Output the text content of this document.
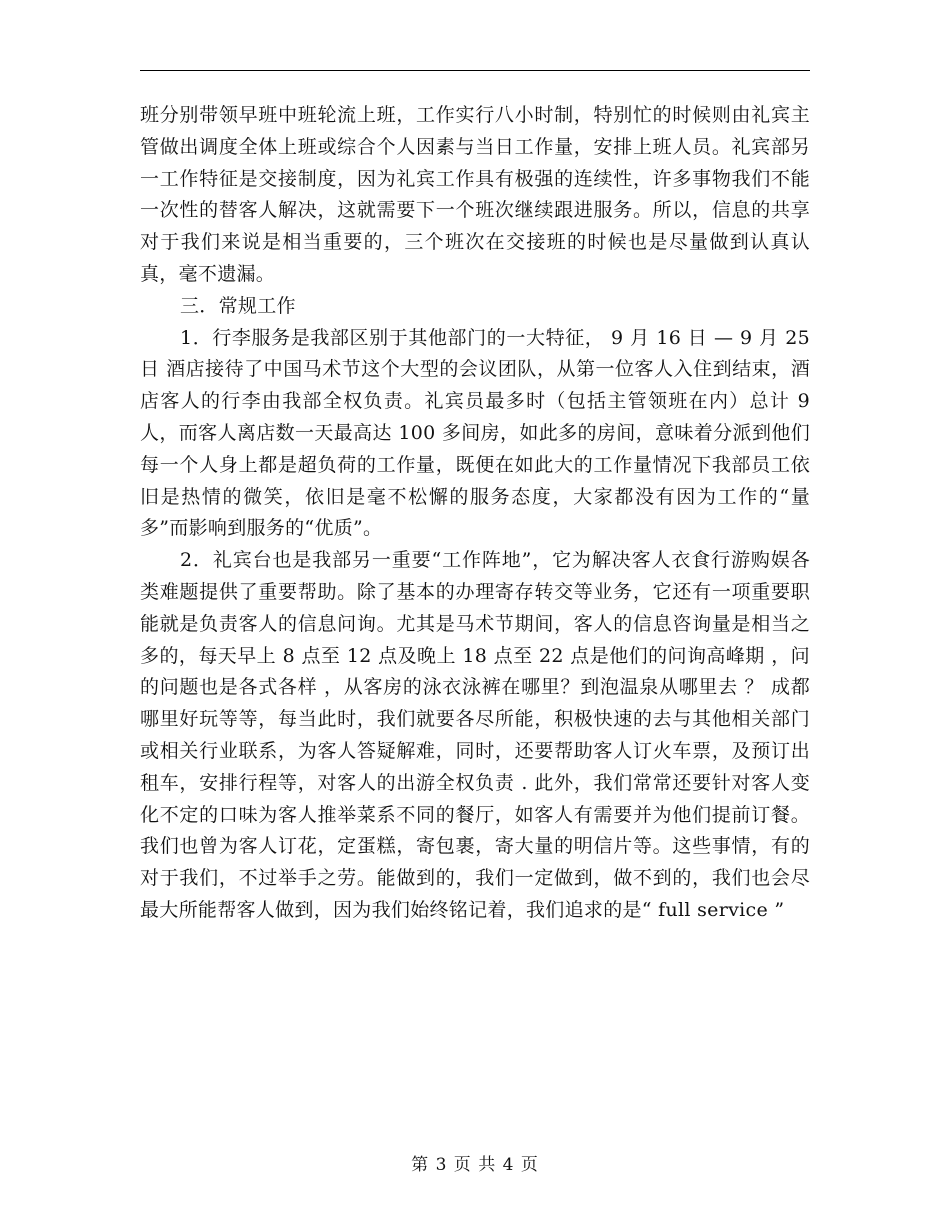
班分别带领早班中班轮流上班，工作实行八小时制，特别忙的时候则由礼宾主管做出调度全体上班或综合个人因素与当日工作量，安排上班人员。礼宾部另一工作特征是交接制度，因为礼宾工作具有极强的连续性，许多事物我们不能一次性的替客人解决，这就需要下一个班次继续跟进服务。所以，信息的共享对于我们来说是相当重要的，三个班次在交接班的时候也是尽量做到认真认真，毫不遗漏。

三．常规工作

1．行李服务是我部区别于其他部门的一大特征， 9 月 16 日 — 9 月 25 日 酒店接待了中国马术节这个大型的会议团队，从第一位客人入住到结束，酒店客人的行李由我部全权负责。礼宾员最多时（包括主管领班在内）总计 9 人，而客人离店数一天最高达 100 多间房，如此多的房间，意味着分派到他们每一个人身上都是超负荷的工作量，既便在如此大的工作量情况下我部员工依旧是热情的微笑，依旧是毫不松懈的服务态度，大家都没有因为工作的“量多”而影响到服务的“优质”。

2．礼宾台也是我部另一重要“工作阵地”，它为解决客人衣食行游购娱各类难题提供了重要帮助。除了基本的办理寄存转交等业务，它还有一项重要职能就是负责客人的信息问询。尤其是马术节期间，客人的信息咨询量是相当之多的，每天早上 8 点至 12 点及晚上 18 点至 22 点是他们的问询高峰期 ，问的问题也是各式各样 ，从客房的泳衣泳裤在哪里？到泡温泉从哪里去 ？ 成都哪里好玩等等，每当此时，我们就要各尽所能，积极快速的去与其他相关部门或相关行业联系，为客人答疑解难，同时，还要帮助客人订火车票，及预订出租车，安排行程等，对客人的出游全权负责 . 此外，我们常常还要针对客人变化不定的口味为客人推举菜系不同的餐厅，如客人有需要并为他们提前订餐。我们也曾为客人订花，定蛋糕，寄包裹，寄大量的明信片等。这些事情，有的对于我们，不过举手之劳。能做到的，我们一定做到，做不到的，我们也会尽最大所能帮客人做到，因为我们始终铭记着，我们追求的是“ full service ”

第 3 页 共 4 页
